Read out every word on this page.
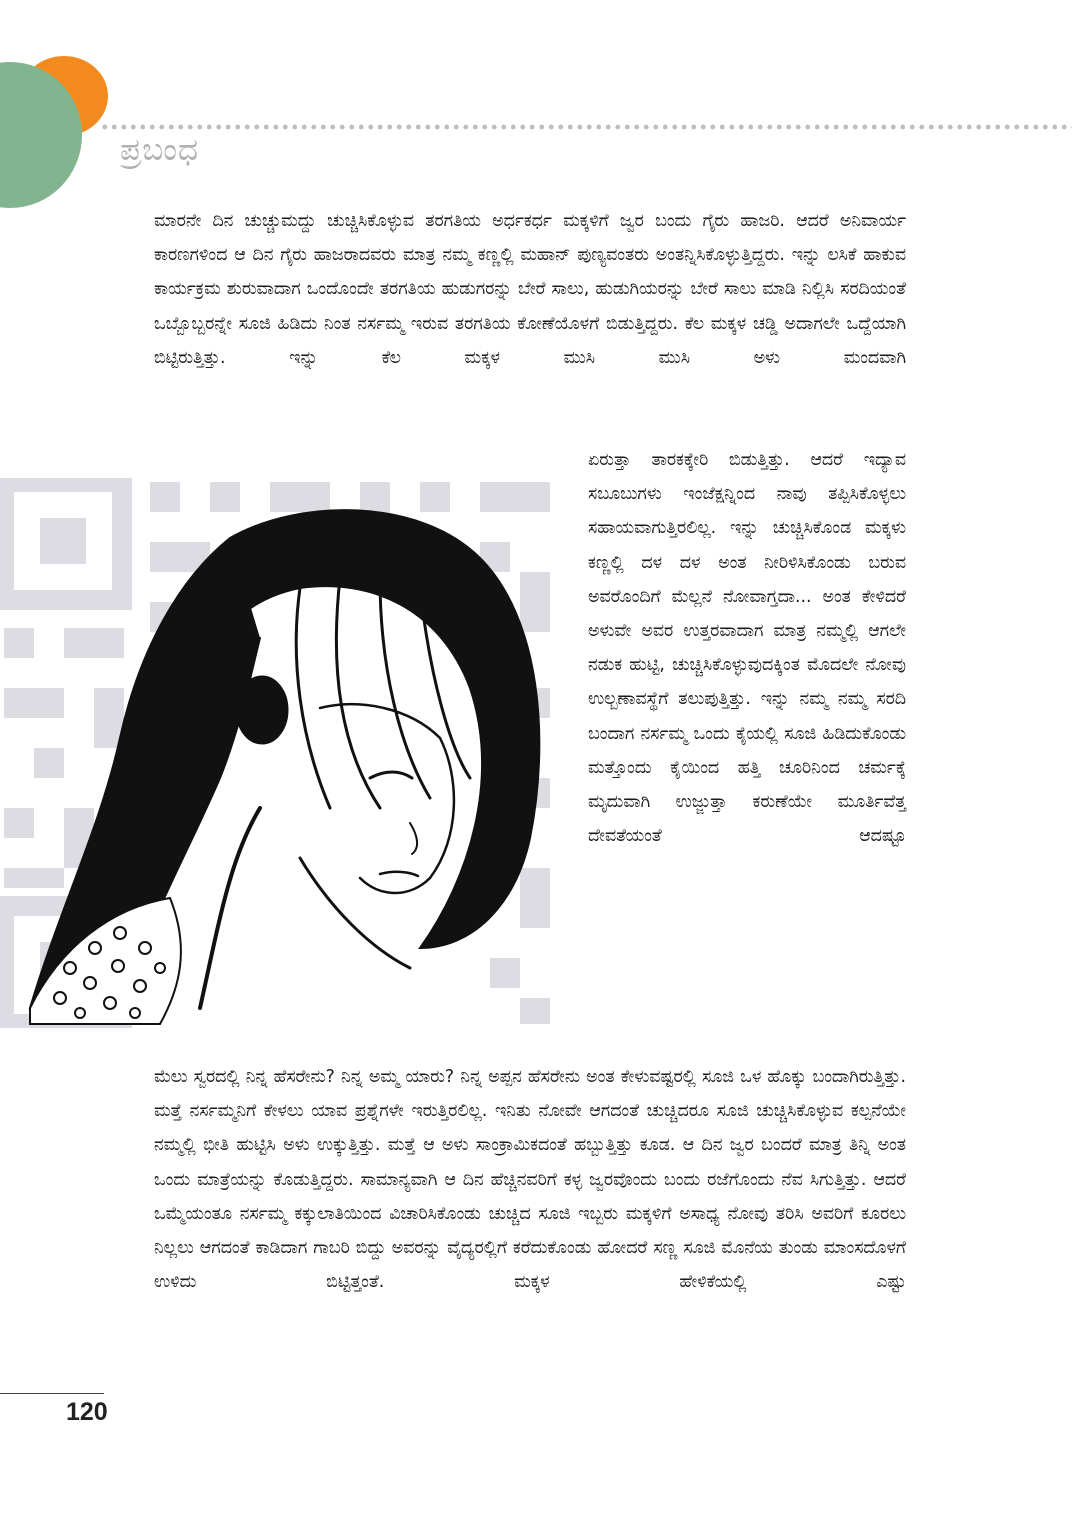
ಪ್ರಬಂಧ

ಮಾರನೇ ದಿನ ಚುಚ್ಚುಮದ್ದು ಚುಚ್ಚಿಸಿಕೊಳ್ಳುವ ತರಗತಿಯ ಅರ್ಧಕರ್ಧ ಮಕ್ಕಳಿಗೆ ಜ್ವರ ಬಂದು ಗೈರು ಹಾಜರಿ. ಆದರೆ ಅನಿವಾರ್ಯ ಕಾರಣಗಳಿಂದ ಆ ದಿನ ಗೈರು ಹಾಜರಾದವರು ಮಾತ್ರ ನಮ್ಮ ಕಣ್ಣಲ್ಲಿ ಮಹಾನ್ ಪುಣ್ಯವಂತರು ಅಂತನ್ನಿಸಿಕೊಳ್ಳುತ್ತಿದ್ದರು. ಇನ್ನು ಲಸಿಕೆ ಹಾಕುವ ಕಾರ್ಯಕ್ರಮ ಶುರುವಾದಾಗ ಒಂದೊಂದೇ ತರಗತಿಯ ಹುಡುಗರನ್ನು ಬೇರೆ ಸಾಲು, ಹುಡುಗಿಯರನ್ನು ಬೇರೆ ಸಾಲು ಮಾಡಿ ನಿಲ್ಲಿಸಿ ಸರದಿಯಂತೆ ಒಬ್ಬೊಬ್ಬರನ್ನೇ ಸೂಜಿ ಹಿಡಿದು ನಿಂತ ನರ್ಸಮ್ಮ ಇರುವ ತರಗತಿಯ ಕೋಣೆಯೊಳಗೆ ಬಿಡುತ್ತಿದ್ದರು. ಕೆಲ ಮಕ್ಕಳ ಚಡ್ಡಿ ಅದಾಗಲೇ ಒದ್ದೆಯಾಗಿ ಬಿಟ್ಟಿರುತ್ತಿತ್ತು. ಇನ್ನು ಕೆಲ ಮಕ್ಕಳ ಮುಸಿ ಮುಸಿ ಅಳು ಮಂದವಾಗಿ

ಏರುತ್ತಾ ತಾರಕಕ್ಕೇರಿ ಬಿಡುತ್ತಿತ್ತು. ಆದರೆ ಇದ್ಯಾವ ಸಬೂಬುಗಳು ಇಂಜೆಕ್ಷನ್ನಿಂದ ನಾವು ತಪ್ಪಿಸಿಕೊಳ್ಳಲು ಸಹಾಯವಾಗುತ್ತಿರಲಿಲ್ಲ. ಇನ್ನು ಚುಚ್ಚಿಸಿಕೊಂಡ ಮಕ್ಕಳು ಕಣ್ಣಲ್ಲಿ ದಳ ದಳ ಅಂತ ನೀರಿಳಿಸಿಕೊಂಡು ಬರುವ ಅವರೊಂದಿಗೆ ಮೆಲ್ಲನೆ ನೋವಾಗ್ತದಾ... ಅಂತ ಕೇಳಿದರೆ ಅಳುವೇ ಅವರ ಉತ್ತರವಾದಾಗ ಮಾತ್ರ ನಮ್ಮಲ್ಲಿ ಆಗಲೇ ನಡುಕ ಹುಟ್ಟಿ, ಚುಚ್ಚಿಸಿಕೊಳ್ಳುವುದಕ್ಕಿಂತ ಮೊದಲೇ ನೋವು ಉಲ್ಬಣಾವಸ್ಥೆಗೆ ತಲುಪುತ್ತಿತ್ತು. ಇನ್ನು ನಮ್ಮ ನಮ್ಮ ಸರದಿ ಬಂದಾಗ ನರ್ಸಮ್ಮ ಒಂದು ಕೈಯಲ್ಲಿ ಸೂಜಿ ಹಿಡಿದುಕೊಂಡು ಮತ್ತೊಂದು ಕೈಯಿಂದ ಹತ್ತಿ ಚೂರಿನಿಂದ ಚರ್ಮಕ್ಕೆ ಮೃದುವಾಗಿ ಉಜ್ಜುತ್ತಾ ಕರುಣೆಯೇ ಮೂರ್ತಿವೆತ್ತ ದೇವತೆಯಂತೆ ಆದಷ್ಟೂ

ಮೆಲು ಸ್ವರದಲ್ಲಿ ನಿನ್ನ ಹೆಸರೇನು? ನಿನ್ನ ಅಮ್ಮ ಯಾರು? ನಿನ್ನ ಅಪ್ಪನ ಹೆಸರೇನು ಅಂತ ಕೇಳುವಷ್ಟರಲ್ಲಿ ಸೂಜಿ ಒಳ ಹೊಕ್ಕು ಬಂದಾಗಿರುತ್ತಿತ್ತು. ಮತ್ತೆ ನರ್ಸಮ್ಮನಿಗೆ ಕೇಳಲು ಯಾವ ಪ್ರಶ್ನೆಗಳೇ ಇರುತ್ತಿರಲಿಲ್ಲ. ಇನಿತು ನೋವೇ ಆಗದಂತೆ ಚುಚ್ಚಿದರೂ ಸೂಜಿ ಚುಚ್ಚಿಸಿಕೊಳ್ಳುವ ಕಲ್ಪನೆಯೇ ನಮ್ಮಲ್ಲಿ ಭೀತಿ ಹುಟ್ಟಿಸಿ ಅಳು ಉಕ್ಕುತ್ತಿತ್ತು. ಮತ್ತೆ ಆ ಅಳು ಸಾಂಕ್ರಾಮಿಕದಂತೆ ಹಬ್ಬುತ್ತಿತ್ತು ಕೂಡ. ಆ ದಿನ ಜ್ವರ ಬಂದರೆ ಮಾತ್ರ ತಿನ್ನಿ ಅಂತ ಒಂದು ಮಾತ್ರೆಯನ್ನು ಕೊಡುತ್ತಿದ್ದರು. ಸಾಮಾನ್ಯವಾಗಿ ಆ ದಿನ ಹೆಚ್ಚಿನವರಿಗೆ ಕಳ್ಳ ಜ್ವರವೊಂದು ಬಂದು ರಜೆಗೊಂದು ನೆವ ಸಿಗುತ್ತಿತ್ತು. ಆದರೆ ಒಮ್ಮೆಯಂತೂ ನರ್ಸಮ್ಮ ಕಕ್ಕುಲಾತಿಯಿಂದ ವಿಚಾರಿಸಿಕೊಂಡು ಚುಚ್ಚಿದ ಸೂಜಿ ಇಬ್ಬರು ಮಕ್ಕಳಿಗೆ ಅಸಾಧ್ಯ ನೋವು ತರಿಸಿ ಅವರಿಗೆ ಕೂರಲು ನಿಲ್ಲಲು ಆಗದಂತೆ ಕಾಡಿದಾಗ ಗಾಬರಿ ಬಿದ್ದು ಅವರನ್ನು ವೈದ್ಯರಲ್ಲಿಗೆ ಕರೆದುಕೊಂಡು ಹೋದರೆ ಸಣ್ಣ ಸೂಜಿ ಮೊನೆಯ ತುಂಡು ಮಾಂಸದೊಳಗೆ ಉಳಿದು ಬಿಟ್ಟಿತ್ತಂತೆ. ಮಕ್ಕಳ ಹೇಳಿಕೆಯಲ್ಲಿ ಎಷ್ಟು

120
